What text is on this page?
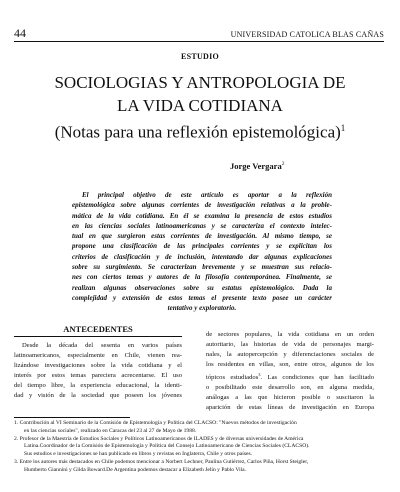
44	UNIVERSIDAD CATOLICA BLAS CAÑAS
ESTUDIO
SOCIOLOGIAS Y ANTROPOLOGIA DE
LA VIDA COTIDIANA
(Notas para una reflexión epistemológica)$^1$
Jorge Vergara$^2$
El principal objetivo de este artículo es aportar a la reflexión
epistemológica sobre algunas corrientes de investigación relativas a la proble-
mática de la vida cotidiana. En él se examina la presencia de estos estudios
en las ciencias sociales latinoamericanas y se caracteriza el contexto intelec-
tual en que surgieron estas corrientes de investigación. Al mismo tiempo, se
propone una clasificación de las principales corrientes y se explicitan los
criterios de clasificación y de inclusión, intentando dar algunas explicaciones
sobre su surgimiento. Se caracterizan brevemente y se muestran sus relacio-
nes con ciertos temas y autores de la filosofía contemporánea. Finalmente, se
realizan algunas observaciones sobre su estatus epistemológico. Dada la
complejidad y extensión de estos temas el presente texto posee un carácter
tentativo y exploratorio.
ANTECEDENTES
Desde la década del sesenta en varios países
latinoamericanos, especialmente en Chile, vienen rea-
lizándose investigaciones sobre la vida cotidiana y el
interés por estos temas pareciera acrecentarse. El uso
del tiempo libre, la experiencia educacional, la identi-
dad y visión de la sociedad que poseen los jóvenes
de sectores populares, la vida cotidiana en un orden
autoritario, las historias de vida de personajes margi-
nales, la autopercepción y diferenciaciones sociales de
los residentes en villas, son, entre otros, algunos de los
tópicos estudiados$^3$. Las condiciones que han facilitado
o posibilitado este desarrollo son, en alguna medida,
análogas a las que hicieron posible o suscitaron la
aparición de estas líneas de investigación en Europa
1. Contribución al VI Seminario de la Comisión de Epistemología y Política del CLACSO: "Nuevos métodos de investigación
en las ciencias sociales", realizado en Caracas del 23 al 27 de Mayo de 1988.
2. Profesor de la Maestría de Estudios Sociales y Políticos Latinoamericanos de ILADES y de diversas universidades de América
Latina.Coordinador de la Comisión de Epistemología y Política del Consejo Latinoamericano de Ciencias Sociales (CLACSO).
Sus estudios e investigaciones se han publicado en libros y revistas en Inglaterra, Chile y otros países.
3. Entre los autores más destacados en Chile podemos mencionar a Norbert Lechner, Paulina Gutiérrez, Carlos Piña, Horst Steigler,
Humberto Giannini y Gilda Boward.De Argentina podemos destacar a Elizabeth Jelín y Pablo Vila.
